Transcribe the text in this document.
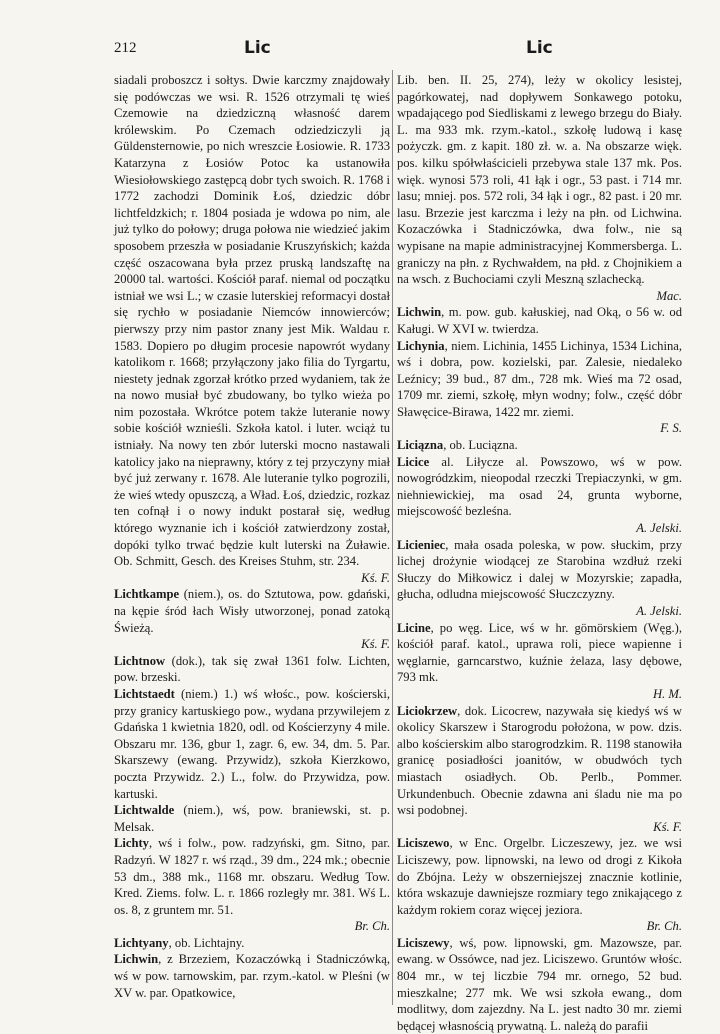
212	Lic	Lic

siadali proboszcz i sołtys. Dwie karczmy znajdowały się podówczas we wsi. R. 1526 otrzymali tę wieś Czemowie na dziedziczną własność darem królewskim. Po Czemach odziedziczyli ją Güldensternowie, po nich wreszcie Łosiowie. R. 1733 Katarzyna z Łosiów Potoc ka ustanowiła Wiesiołowskiego zastępcą dobr tych swoich. R. 1768 i 1772 zachodzi Dominik Łoś, dziedzic dóbr lichtfeldzkich; r. 1804 posiada je wdowa po nim, ale już tylko do połowy; druga połowa nie wiedzieć jakim sposobem przeszła w posiadanie Kruszyńskich; każda część oszacowana była przez pruską landszaftę na 20000 tal. wartości. Kościół paraf. niemal od początku istniał we wsi L.; w czasie luterskiej reformacyi dostał się rychło w posiadanie Niemców innowierców; pierwszy przy nim pastor znany jest Mik. Waldau r. 1583. Dopiero po długim procesie napowrót wydany katolikom r. 1668; przyłączony jako filia do Tyrgartu, niestety jednak zgorzał krótko przed wydaniem, tak że na nowo musiał być zbudowany, bo tylko wieża po nim pozostała. Wkrótce potem także luteranie nowy sobie kościół wznieśli. Szkoła katol. i luter. wciąż tu istniały. Na nowy ten zbór luterski mocno nastawali katolicy jako na nieprawny, który z tej przyczyny miał być już zerwany r. 1678. Ale luteranie tylko pogrozili, że wieś wtedy opuszczą, a Wład. Łoś, dziedzic, rozkaz ten cofnął i o nowy indukt postarał się, według którego wyznanie ich i kościół zatwierdzony został, dopóki tylko trwać będzie kult luterski na Żuławie. Ob. Schmitt, Gesch. des Kreises Stuhm, str. 234.

Kś. F.

Lichtkampe (niem.), os. do Sztutowa, pow. gdański, na kępie śród łach Wisły utworzonej, ponad zatoką Świeżą.

Kś. F.

Lichtnow (dok.), tak się zwał 1361 folw. Lichten, pow. brzeski.

Lichtstaedt (niem.) 1.) wś włośc., pow. kościerski, przy granicy kartuskiego pow., wydana przywilejem z Gdańska 1 kwietnia 1820, odl. od Kościerzyny 4 mile. Obszaru mr. 136, gbur 1, zagr. 6, ew. 34, dm. 5. Par. Skarszewy (ewang. Przywidz), szkoła Kierzkowo, poczta Przywidz. 2.) L., folw. do Przywidza, pow. kartuski.

Lichtwalde (niem.), wś, pow. braniewski, st. p. Melsak.

Lichty, wś i folw., pow. radzyński, gm. Sitno, par. Radzyń. W 1827 r. wś rząd., 39 dm., 224 mk.; obecnie 53 dm., 388 mk., 1168 mr. obszaru. Według Tow. Kred. Ziems. folw. L. r. 1866 rozległy mr. 381. Wś L. os. 8, z gruntem mr. 51.

Br. Ch.

Lichtyany, ob. Lichtajny.

Lichwin, z Brzeziem, Kozaczówką i Stadniczówką, wś w pow. tarnowskim, par. rzym.-katol. w Pleśni (w XV w. par. Opatkowice,

Lib. ben. II. 25, 274), leży w okolicy lesistej, pagórkowatej, nad dopływem Sonkawego potoku, wpadającego pod Siedliskami z lewego brzegu do Biały. L. ma 933 mk. rzym.-katol., szkołę ludową i kasę pożyczk. gm. z kapit. 180 zł. w. a. Na obszarze więk. pos. kilku spółwłaścicieli przebywa stale 137 mk. Pos. więk. wynosi 573 roli, 41 łąk i ogr., 53 past. i 714 mr. lasu; mniej. pos. 572 roli, 34 łąk i ogr., 82 past. i 20 mr. lasu. Brzezie jest karczma i leży na płn. od Lichwina. Kozaczówka i Stadniczówka, dwa folw., nie są wypisane na mapie administracyjnej Kommersberga. L. graniczy na płn. z Rychwałdem, na płd. z Chojnikiem a na wsch. z Buchociami czyli Meszną szlachecką.

Mac.

Lichwin, m. pow. gub. kałuskiej, nad Oką, o 56 w. od Kaługi. W XVI w. twierdza.

Lichynia, niem. Lichinia, 1455 Lichinya, 1534 Lichina, wś i dobra, pow. kozielski, par. Zalesie, niedaleko Leźnicy; 39 bud., 87 dm., 728 mk. Wieś ma 72 osad, 1709 mr. ziemi, szkołę, młyn wodny; folw., część dóbr Sławęcice-Birawa, 1422 mr. ziemi.

F. S.

Liciązna, ob. Luciązna.

Licice al. Liłycze al. Powszowo, wś w pow. nowogródzkim, nieopodal rzeczki Trepiaczynki, w gm. niehniewickiej, ma osad 24, grunta wyborne, miejscowość bezleśna.

A. Jelski.

Licieniec, mała osada poleska, w pow. słuckim, przy lichej drożynie wiodącej ze Starobina wzdłuż rzeki Słuczy do Miłkowicz i dalej w Mozyrskie; zapadła, głucha, odludna miejscowość Słuczczyzny.

A. Jelski.

Licine, po węg. Lice, wś w hr. gömörskiem (Węg.), kościół paraf. katol., uprawa roli, piece wapienne i węglarnie, garncarstwo, kuźnie żelaza, lasy dębowe, 793 mk.

H. M.

Liciokrzew, dok. Licocrew, nazywała się kiedyś wś w okolicy Skarszew i Starogrodu położona, w pow. dzis. albo kościerskim albo starogrodzkim. R. 1198 stanowiła granicę posiadłości joanitów, w obudwóch tych miastach osiadłych. Ob. Perlb., Pommer. Urkundenbuch. Obecnie zdawna ani śladu nie ma po wsi podobnej.

Kś. F.

Liciszewo, w Enc. Orgelbr. Liczeszewy, jez. we wsi Liciszewy, pow. lipnowski, na lewo od drogi z Kikoła do Zbójna. Leży w obszerniejszej znacznie kotlinie, która wskazuje dawniejsze rozmiary tego znikającego z każdym rokiem coraz więcej jeziora.

Br. Ch.

Liciszewy, wś, pow. lipnowski, gm. Mazowsze, par. ewang. w Ossówce, nad jez. Liciszewo. Gruntów włośc. 804 mr., w tej liczbie 794 mr. ornego, 52 bud. mieszkalne; 277 mk. We wsi szkoła ewang., dom modlitwy, dom zajezdny. Na L. jest nadto 30 mr. ziemi będącej własnością prywatną. L. należą do parafii
